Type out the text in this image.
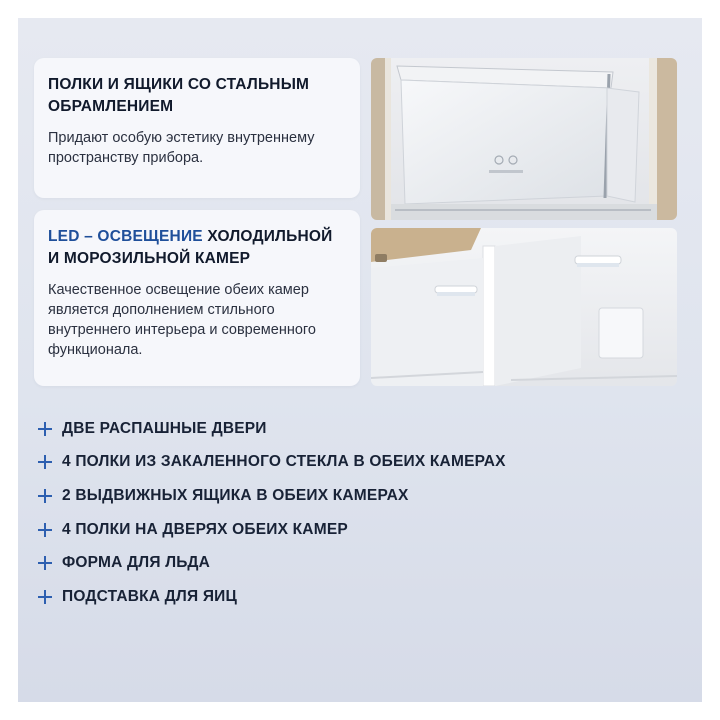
ПОЛКИ И ЯЩИКИ СО СТАЛЬНЫМ ОБРАМЛЕНИЕМ
Придают особую эстетику внутреннему пространству прибора.
LED – ОСВЕЩЕНИЕ ХОЛОДИЛЬНОЙ И МОРОЗИЛЬНОЙ КАМЕР
Качественное освещение обеих камер является дополнением стильного внутреннего интерьера и современного функционала.
ДВЕ РАСПАШНЫЕ ДВЕРИ
4 ПОЛКИ ИЗ ЗАКАЛЕННОГО СТЕКЛА В ОБЕИХ КАМЕРАХ
2 ВЫДВИЖНЫХ ЯЩИКА В ОБЕИХ КАМЕРАХ
4 ПОЛКИ НА ДВЕРЯХ ОБЕИХ КАМЕР
ФОРМА ДЛЯ ЛЬДА
ПОДСТАВКА ДЛЯ ЯИЦ
